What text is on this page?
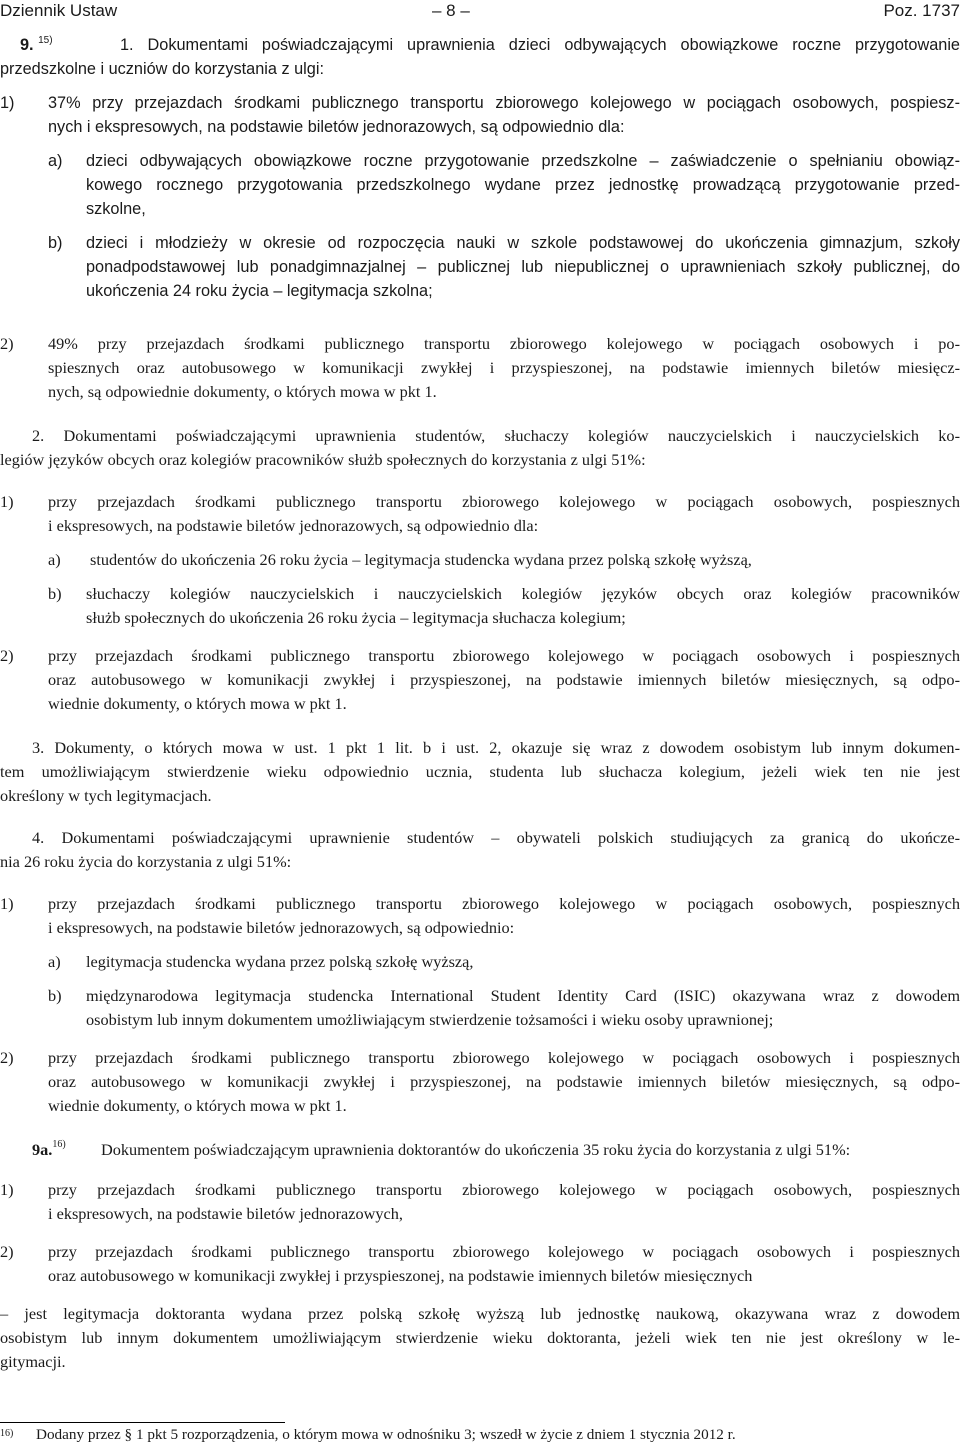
Dziennik Ustaw	– 8 –	Poz. 1737
9. $^{15)}$	1. Dokumentami poświadczającymi uprawnienia dzieci odbywających obowiązkowe roczne przygotowanie
przedszkolne i uczniów do korzystania z ulgi:
1) 37% przy przejazdach środkami publicznego transportu zbiorowego kolejowego w pociągach osobowych, pospiesz-
nych i ekspresowych, na podstawie biletów jednorazowych, są odpowiednio dla:
a) dzieci odbywających obowiązkowe roczne przygotowanie przedszkolne – zaświadczenie o spełnianiu obowiąz-
kowego rocznego przygotowania przedszkolnego wydane przez jednostkę prowadzącą przygotowanie przed-
szkolne,
b) dzieci i młodzieży w okresie od rozpoczęcia nauki w szkole podstawowej do ukończenia gimnazjum, szkoły
ponadpodstawowej lub ponadgimnazjalnej – publicznej lub niepublicznej o uprawnieniach szkoły publicznej, do
ukończenia 24 roku życia – legitymacja szkolna;
2) 49% przy przejazdach środkami publicznego transportu zbiorowego kolejowego w pociągach osobowych i po-
spiesznych oraz autobusowego w komunikacji zwykłej i przyspieszonej, na podstawie imiennych biletów miesięcz-
nych, są odpowiednie dokumenty, o których mowa w pkt 1.
2. Dokumentami poświadczającymi uprawnienia studentów, słuchaczy kolegiów nauczycielskich i nauczycielskich ko-
legiów języków obcych oraz kolegiów pracowników służb społecznych do korzystania z ulgi 51%:
1) przy przejazdach środkami publicznego transportu zbiorowego kolejowego w pociągach osobowych, pospiesznych
i ekspresowych, na podstawie biletów jednorazowych, są odpowiednio dla:
a) studentów do ukończenia 26 roku życia – legitymacja studencka wydana przez polską szkołę wyższą,
b) słuchaczy kolegiów nauczycielskich i nauczycielskich kolegiów języków obcych oraz kolegiów pracowników
służb społecznych do ukończenia 26 roku życia – legitymacja słuchacza kolegium;
2) przy przejazdach środkami publicznego transportu zbiorowego kolejowego w pociągach osobowych i pospiesznych
oraz autobusowego w komunikacji zwykłej i przyspieszonej, na podstawie imiennych biletów miesięcznych, są odpo-
wiednie dokumenty, o których mowa w pkt 1.
3. Dokumenty, o których mowa w ust. 1 pkt 1 lit. b i ust. 2, okazuje się wraz z dowodem osobistym lub innym dokumen-
tem umożliwiającym stwierdzenie wieku odpowiednio ucznia, studenta lub słuchacza kolegium, jeżeli wiek ten nie jest
określony w tych legitymacjach.
4. Dokumentami poświadczającymi uprawnienie studentów – obywateli polskich studiujących za granicą do ukończe-
nia 26 roku życia do korzystania z ulgi 51%:
1) przy przejazdach środkami publicznego transportu zbiorowego kolejowego w pociągach osobowych, pospiesznych
i ekspresowych, na podstawie biletów jednorazowych, są odpowiednio:
a) legitymacja studencka wydana przez polską szkołę wyższą,
b) międzynarodowa legitymacja studencka International Student Identity Card (ISIC) okazywana wraz z dowodem
osobistym lub innym dokumentem umożliwiającym stwierdzenie tożsamości i wieku osoby uprawnionej;
2) przy przejazdach środkami publicznego transportu zbiorowego kolejowego w pociągach osobowych i pospiesznych
oraz autobusowego w komunikacji zwykłej i przyspieszonej, na podstawie imiennych biletów miesięcznych, są odpo-
wiednie dokumenty, o których mowa w pkt 1.
9a.$^{16)}$ Dokumentem poświadczającym uprawnienia doktorantów do ukończenia 35 roku życia do korzystania z ulgi 51%:
1) przy przejazdach środkami publicznego transportu zbiorowego kolejowego w pociągach osobowych, pospiesznych
i ekspresowych, na podstawie biletów jednorazowych,
2) przy przejazdach środkami publicznego transportu zbiorowego kolejowego w pociągach osobowych i pospiesznych
oraz autobusowego w komunikacji zwykłej i przyspieszonej, na podstawie imiennych biletów miesięcznych
– jest legitymacja doktoranta wydana przez polską szkołę wyższą lub jednostkę naukową, okazywana wraz z dowodem
osobistym lub innym dokumentem umożliwiającym stwierdzenie wieku doktoranta, jeżeli wiek ten nie jest określony w le-
gitymacji.
$^{16)}$ Dodany przez § 1 pkt 5 rozporządzenia, o którym mowa w odnośniku 3; wszedł w życie z dniem 1 stycznia 2012 r.
